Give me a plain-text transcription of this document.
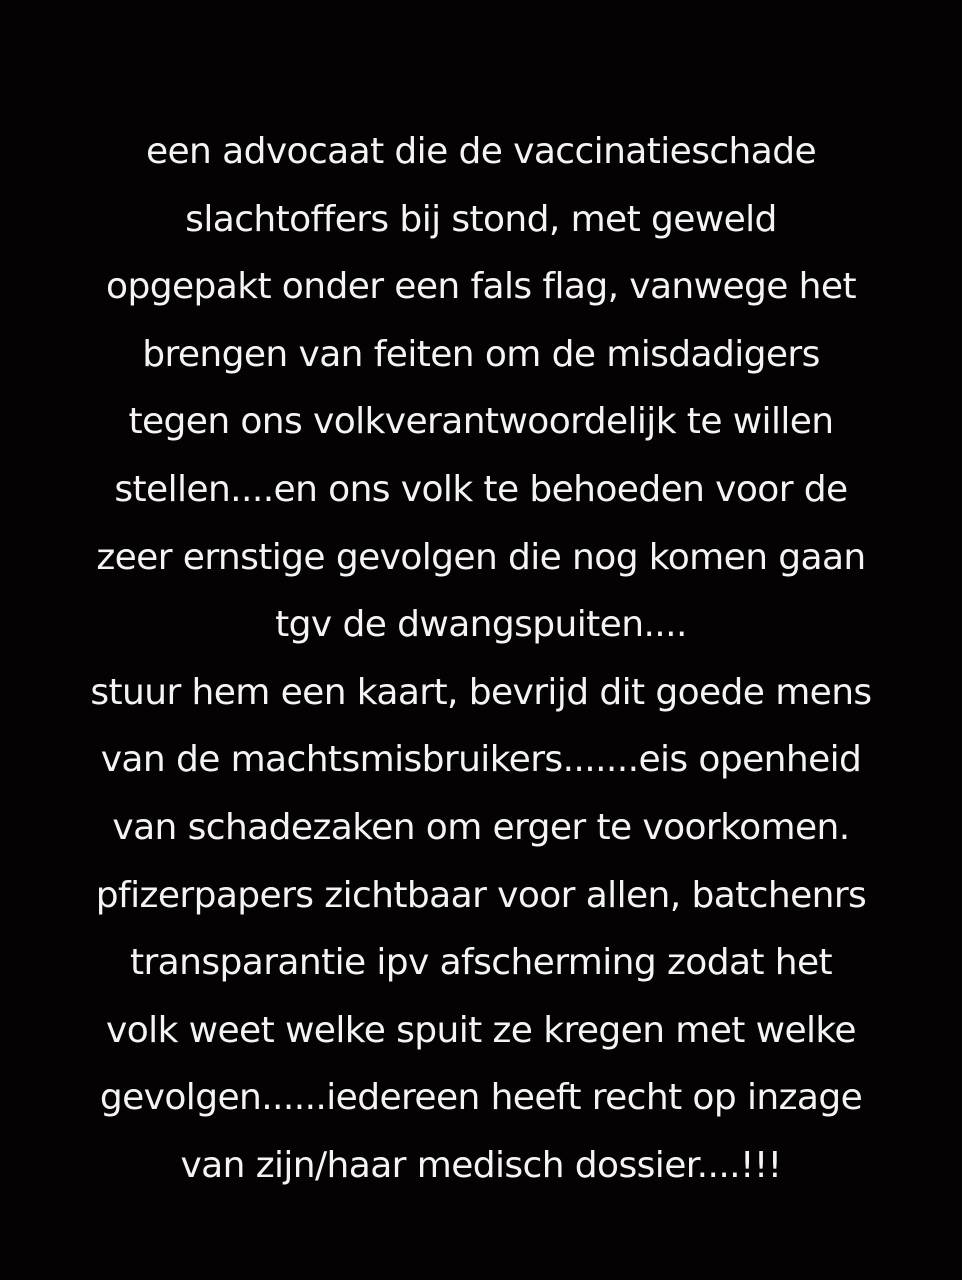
een advocaat die de vaccinatieschade
slachtoffers bij stond, met geweld
opgepakt onder een fals flag, vanwege het
brengen van feiten om de misdadigers
tegen ons volkverantwoordelijk te willen
stellen....en ons volk te behoeden voor de
zeer ernstige gevolgen die nog komen gaan
tgv de dwangspuiten....
stuur hem een kaart, bevrijd dit goede mens
van de machtsmisbruikers.......eis openheid
van schadezaken om erger te voorkomen.
pfizerpapers zichtbaar voor allen, batchenrs
transparantie ipv afscherming zodat het
volk weet welke spuit ze kregen met welke
gevolgen......iedereen heeft recht op inzage
van zijn/haar medisch dossier....!!!
